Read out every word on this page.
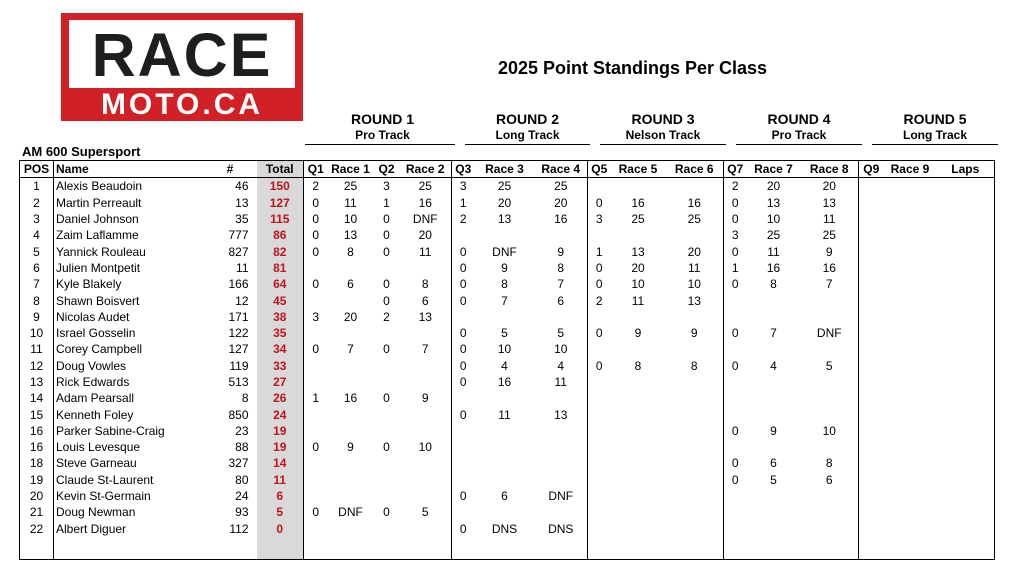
RACE
MOTO.CA
2025 Point Standings Per Class
ROUND 1
Pro Track
ROUND 2
Long Track
ROUND 3
Nelson Track
ROUND 4
Pro Track
ROUND 5
Long Track
AM 600 Supersport
POS	Name	#	Total	Q1	Race 1	Q2	Race 2	Q3	Race 3	Race 4	Q5	Race 5	Race 6	Q7	Race 7	Race 8	Q9	Race 9	Laps
1	Alexis Beaudoin	46	150	2	25	3	25	3	25	25				2	20	20			
2	Martin Perreault	13	127	0	11	1	16	1	20	20	0	16	16	0	13	13			
3	Daniel Johnson	35	115	0	10	0	DNF	2	13	16	3	25	25	0	10	11			
4	Zaim Laflamme	777	86	0	13	0	20							3	25	25			
5	Yannick Rouleau	827	82	0	8	0	11	0	DNF	9	1	13	20	0	11	9			
6	Julien Montpetit	11	81					0	9	8	0	20	11	1	16	16			
7	Kyle Blakely	166	64	0	6	0	8	0	8	7	0	10	10	0	8	7			
8	Shawn Boisvert	12	45			0	6	0	7	6	2	11	13						
9	Nicolas Audet	171	38	3	20	2	13												
10	Israel Gosselin	122	35					0	5	5	0	9	9	0	7	DNF			
11	Corey Campbell	127	34	0	7	0	7	0	10	10									
12	Doug Vowles	119	33					0	4	4	0	8	8	0	4	5			
13	Rick Edwards	513	27					0	16	11									
14	Adam Pearsall	8	26	1	16	0	9												
15	Kenneth Foley	850	24					0	11	13									
16	Parker Sabine-Craig	23	19											0	9	10			
16	Louis Levesque	88	19	0	9	0	10												
18	Steve Garneau	327	14											0	6	8			
19	Claude St-Laurent	80	11											0	5	6			
20	Kevin St-Germain	24	6					0	6	DNF									
21	Doug Newman	93	5	0	DNF	0	5												
22	Albert Diguer	112	0					0	DNS	DNS									
